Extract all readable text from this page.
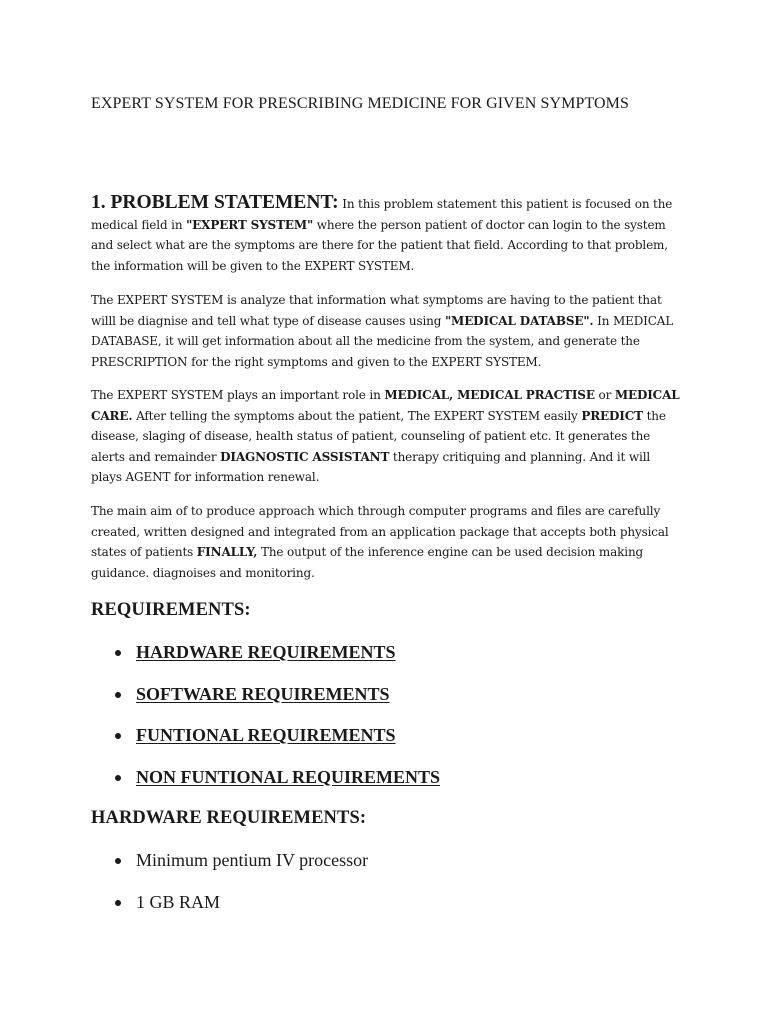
EXPERT SYSTEM FOR PRESCRIBING MEDICINE FOR GIVEN SYMPTOMS

1. PROBLEM STATEMENT: In this problem statement this patient is focused on the medical field in "EXPERT SYSTEM" where the person patient of doctor can login to the system and select what are the symptoms are there for the patient that field. According to that problem, the information will be given to the EXPERT SYSTEM.

The EXPERT SYSTEM is analyze that information what symptoms are having to the patient that willl be diagnise and tell what type of disease causes using "MEDICAL DATABSE". In MEDICAL DATABASE, it will get information about all the medicine from the system, and generate the PRESCRIPTION for the right symptoms and given to the EXPERT SYSTEM.

The EXPERT SYSTEM plays an important role in MEDICAL, MEDICAL PRACTISE or MEDICAL CARE. After telling the symptoms about the patient, The EXPERT SYSTEM easily PREDICT the disease, slaging of disease, health status of patient, counseling of patient etc. It generates the alerts and remainder DIAGNOSTIC ASSISTANT therapy critiquing and planning. And it will plays AGENT for information renewal.

The main aim of to produce approach which through computer programs and files are carefully created, written designed and integrated from an application package that accepts both physical states of patients FINALLY, The output of the inference engine can be used decision making guidance. diagnoises and monitoring.

REQUIREMENTS:
HARDWARE REQUIREMENTS
SOFTWARE REQUIREMENTS
FUNTIONAL REQUIREMENTS
NON FUNTIONAL REQUIREMENTS
HARDWARE REQUIREMENTS:
Minimum pentium IV processor
1 GB RAM
